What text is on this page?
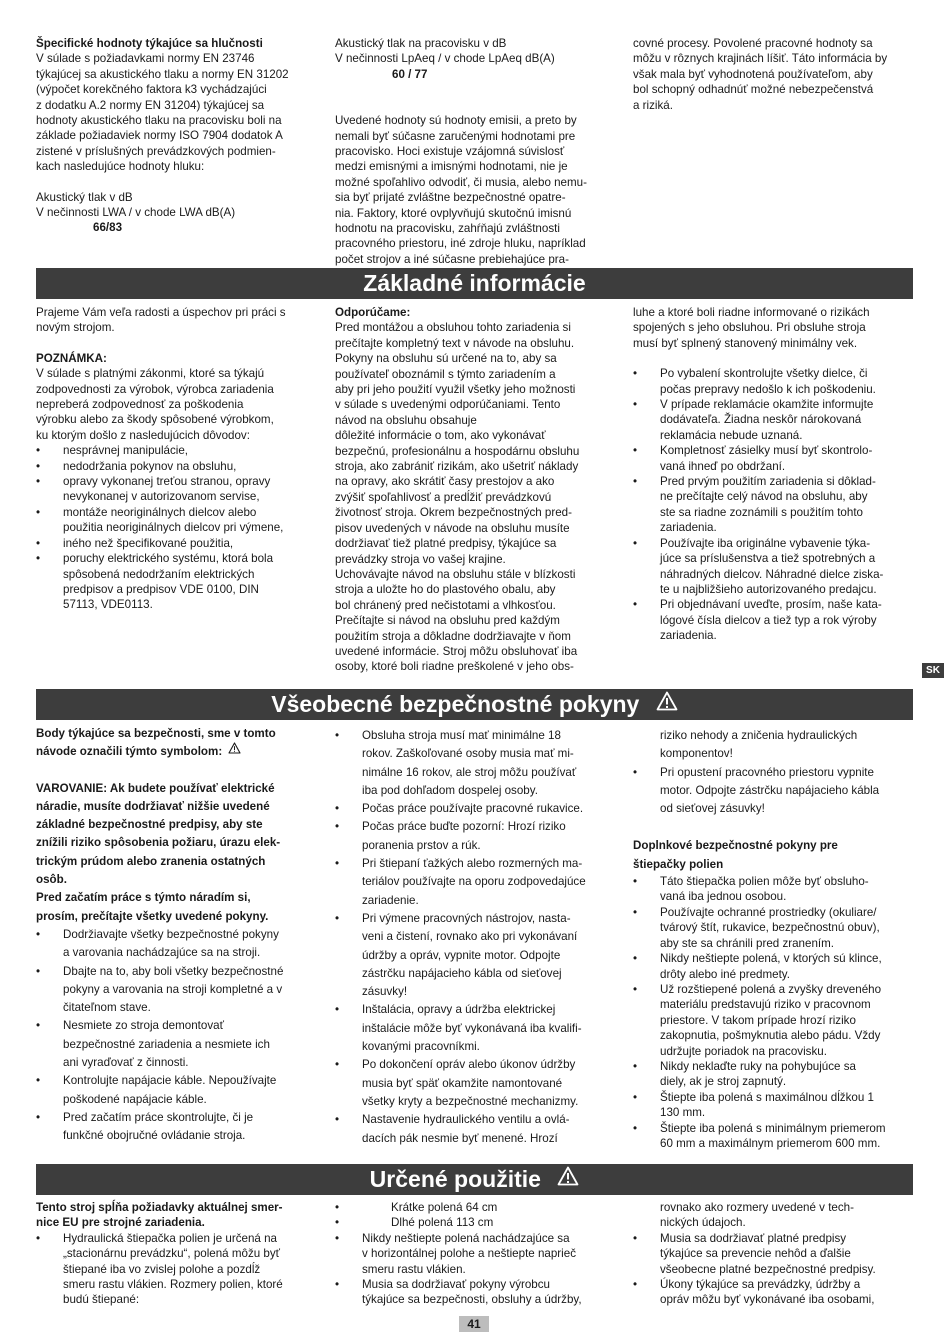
Špecifické hodnoty týkajúce sa hlučnosti

V súlade s požiadavkami normy EN 23746
týkajúcej sa akustického tlaku a normy EN 31202
(výpočet korekčného faktora k3 vychádzajúci
z dodatku A.2 normy EN 31204) týkajúcej sa
hodnoty akustického tlaku na pracovisku boli na
základe požiadaviek normy ISO 7904 dodatok A
zistené v príslušných prevádzkových podmien-
kach nasledujúce hodnoty hluku:

Akustický tlak v dB

V nečinnosti LWA / v chode LWA dB(A)

66/83

Akustický tlak na pracovisku v dB

V nečinnosti LpAeq / v chode LpAeq dB(A)

60 / 77

Uvedené hodnoty sú hodnoty emisii, a preto by
nemali byť súčasne zaručenými hodnotami pre
pracovisko. Hoci existuje vzájomná súvislosť
medzi emisnými a imisnými hodnotami, nie je
možné spoľahlivo odvodiť, či musia, alebo nemu-
sia byť prijaté zvláštne bezpečnostné opatre-
nia. Faktory, ktoré ovplyvňujú skutočnú imisnú
hodnotu na pracovisku, zahŕňajú zvláštnosti
pracovného priestoru, iné zdroje hluku, napríklad
počet strojov a iné súčasne prebiehajúce pra-

covné procesy. Povolené pracovné hodnoty sa
môžu v rôznych krajinách líšiť. Táto informácia by
však mala byť vyhodnotená používateľom, aby
bol schopný odhadnúť možné nebezpečenstvá
a riziká.

Základné informácie

Prajeme Vám veľa radosti a úspechov pri práci s
novým strojom.

POZNÁMKA:

V súlade s platnými zákonmi, ktoré sa týkajú
zodpovednosti za výrobok, výrobca zariadenia
nepreberá zodpovednosť za poškodenia
výrobku alebo za škody spôsobené výrobkom,
ku ktorým došlo z nasledujúcich dôvodov:

• nesprávnej manipulácie,
• nedodržania pokynov na obsluhu,
• opravy vykonanej treťou stranou, opravy
nevykonanej v autorizovanom servise,
• montáže neoriginálnych dielcov alebo
použitia neoriginálnych dielcov pri výmene,
• iného než špecifikované použitia,
• poruchy elektrického systému, ktorá bola
spôsobená nedodržaním elektrických
predpisov a predpisov VDE 0100, DIN
57113, VDE0113.

Odporúčame:

Pred montážou a obsluhou tohto zariadenia si
prečítajte kompletný text v návode na obsluhu.
Pokyny na obsluhu sú určené na to, aby sa
používateľ oboznámil s týmto zariadením a
aby pri jeho použití využil všetky jeho možnosti
v súlade s uvedenými odporúčaniami. Tento
návod na obsluhu obsahuje
dôležité informácie o tom, ako vykonávať
bezpečnú, profesionálnu a hospodárnu obsluhu
stroja, ako zabrániť rizikám, ako ušetriť náklady
na opravy, ako skrátiť časy prestojov a ako
zvýšiť spoľahlivosť a predĺžiť prevádzkovú
životnosť stroja. Okrem bezpečnostných pred-
pisov uvedených v návode na obsluhu musíte
dodržiavať tiež platné predpisy, týkajúce sa
prevádzky stroja vo vašej krajine.
Uchovávajte návod na obsluhu stále v blízkosti
stroja a uložte ho do plastového obalu, aby
bol chránený pred nečistotami a vlhkosťou.
Prečítajte si návod na obsluhu pred každým
použitím stroja a dôkladne dodržiavajte v ňom
uvedené informácie. Stroj môžu obsluhovať iba
osoby, ktoré boli riadne preškolené v jeho obs-

luhe a ktoré boli riadne informované o rizikách
spojených s jeho obsluhou. Pri obsluhe stroja
musí byť splnený stanovený minimálny vek.

• Po vybalení skontrolujte všetky dielce, či
počas prepravy nedošlo k ich poškodeniu.
• V prípade reklamácie okamžite informujte
dodávateľa. Žiadna neskôr nárokovaná
reklamácia nebude uznaná.
• Kompletnosť zásielky musí byť skontrolo-
vaná ihneď po obdržaní.
• Pred prvým použitím zariadenia si dôklad-
ne prečítajte celý návod na obsluhu, aby
ste sa riadne zoznámili s použitím tohto
zariadenia.
• Používajte iba originálne vybavenie týka-
júce sa príslušenstva a tiež spotrebných a
náhradných dielcov. Náhradné dielce ziska-
te u najbližšieho autorizovaného predajcu.
• Pri objednávaní uveďte, prosím, naše kata-
lógové čísla dielcov a tiež typ a rok výroby
zariadenia.
SK
Všeobecné bezpečnostné pokyny

Body týkajúce sa bezpečnosti, sme v tomto
návode označili týmto symbolom:

VAROVANIE: Ak budete používať elektrické
náradie, musíte dodržiavať nižšie uvedené
základné bezpečnostné predpisy, aby ste
znížili riziko spôsobenia požiaru, úrazu elek-
trickým prúdom alebo zranenia ostatných
osôb.
Pred začatím práce s týmto náradím si,
prosím, prečítajte všetky uvedené pokyny.

• Dodržiavajte všetky bezpečnostné pokyny
a varovania nachádzajúce sa na stroji.
• Dbajte na to, aby boli všetky bezpečnostné
pokyny a varovania na stroji kompletné a v
čitateľnom stave.
• Nesmiete zo stroja demontovať
bezpečnostné zariadenia a nesmiete ich
ani vyraďovať z činnosti.
• Kontrolujte napájacie káble. Nepoužívajte
poškodené napájacie káble.
• Pred začatím práce skontrolujte, či je
funkčné obojručné ovládanie stroja.
• Obsluha stroja musí mať minimálne 18
rokov. Zaškoľované osoby musia mať mi-
nimálne 16 rokov, ale stroj môžu používať
iba pod dohľadom dospelej osoby.
• Počas práce používajte pracovné rukavice.
• Počas práce buďte pozorní: Hrozí riziko
poranenia prstov a rúk.
• Pri štiepaní ťažkých alebo rozmerných ma-
teriálov používajte na oporu zodpovedajúce
zariadenie.
• Pri výmene pracovných nástrojov, nasta-
veni a čistení, rovnako ako pri vykonávaní
údržby a opráv, vypnite motor. Odpojte
zástrčku napájacieho kábla od sieťovej
zásuvky!
• Inštalácia, opravy a údržba elektrickej
inštalácie môže byť vykonávaná iba kvalifi-
kovanými pracovníkmi.
• Po dokončení opráv alebo úkonov údržby
musia byť späť okamžite namontované
všetky kryty a bezpečnostné mechanizmy.
• Nastavenie hydraulického ventilu a ovlá-
dacích pák nesmie byť menené. Hrozí

riziko nehody a zničenia hydraulických
komponentov!

• Pri opustení pracovného priestoru vypnite
motor. Odpojte zástrčku napájacieho kábla
od sieťovej zásuvky!

Doplnkové bezpečnostné pokyny pre
štiepačky polien

• Táto štiepačka polien môže byť obsluho-
vaná iba jednou osobou.
• Používajte ochranné prostriedky (okuliare/
tvárový štít, rukavice, bezpečnostnú obuv),
aby ste sa chránili pred zranením.
• Nikdy neštiepte polená, v ktorých sú klince,
drôty alebo iné predmety.
• Už rozštiepené polená a zvyšky dreveného
materiálu predstavujú riziko v pracovnom
priestore. V takom prípade hrozí riziko
zakopnutia, pošmyknutia alebo pádu. Vždy
udržujte poriadok na pracovisku.
• Nikdy neklaďte ruky na pohybujúce sa
diely, ak je stroj zapnutý.
• Štiepte iba polená s maximálnou dĺžkou 1
130 mm.
• Štiepte iba polená s minimálnym priemerom
60 mm a maximálnym priemerom 600 mm.
Určené použitie

Tento stroj spĺňa požiadavky aktuálnej smer-
nice EU pre strojné zariadenia.

• Hydraulická štiepačka polien je určená na
„stacionárnu prevádzku“, polená môžu byť
štiepané iba vo zvislej polohe a pozdĺž
smeru rastu vlákien. Rozmery polien, ktoré
budú štiepané:
• Krátke polená 64 cm
• Dlhé polená 113 cm
• Nikdy neštiepte polená nachádzajúce sa
v horizontálnej polohe a neštiepte naprieč
smeru rastu vlákien.
• Musia sa dodržiavať pokyny výrobcu
týkajúce sa bezpečnosti, obsluhy a údržby,

rovnako ako rozmery uvedené v tech-
nických údajoch.

• Musia sa dodržiavať platné predpisy
týkajúce sa prevencie nehôd a ďalšie
všeobecne platné bezpečnostné predpisy.
• Úkony týkajúce sa prevádzky, údržby a
opráv môžu byť vykonávané iba osobami,
41
